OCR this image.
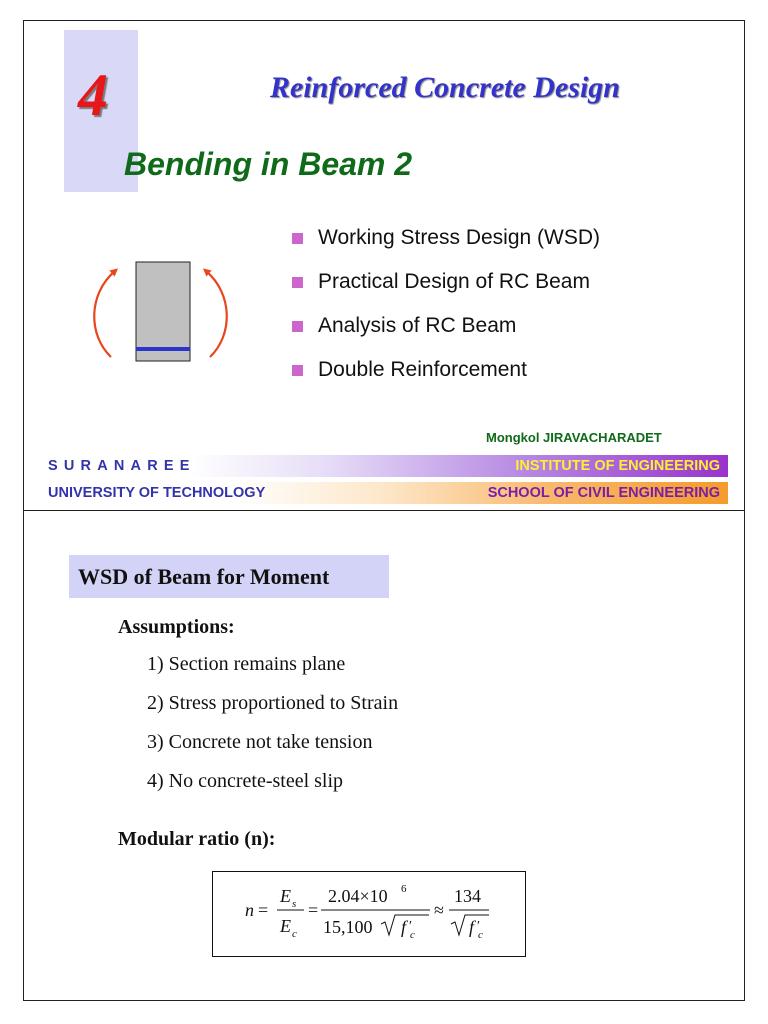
4	Reinforced Concrete Design
Bending in Beam 2
Working Stress Design (WSD)
Practical Design of RC Beam
Analysis of RC Beam
Double Reinforcement
Mongkol JIRAVACHARADET
SURANAREE	INSTITUTE OF ENGINEERING
UNIVERSITY OF TECHNOLOGY	SCHOOL OF CIVIL ENGINEERING
WSD of Beam for Moment
Assumptions:
1) Section remains plane
2) Stress proportioned to Strain
3) Concrete not take tension
4) No concrete-steel slip
Modular ratio (n):
n =
E s
E c
=
2.04×10 6
15,100 f ′
c
≈
134
f ′
c
